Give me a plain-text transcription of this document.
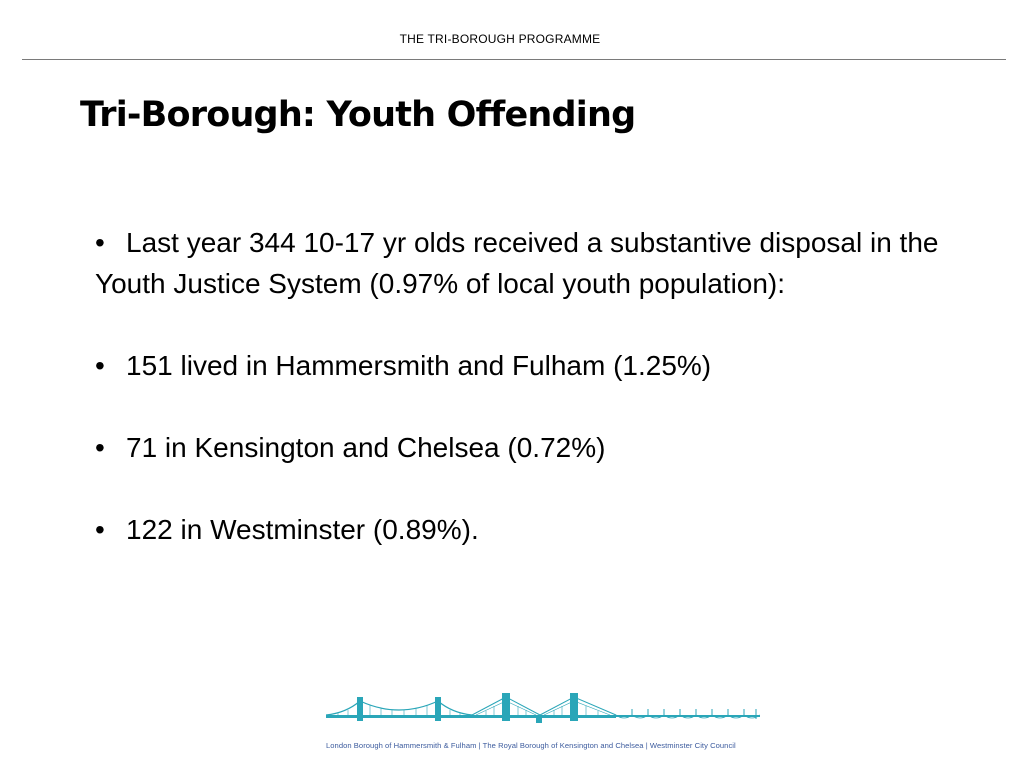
THE TRI-BOROUGH PROGRAMME
Tri-Borough: Youth Offending

• Last year 344 10-17 yr olds received a substantive disposal in the Youth Justice System (0.97% of local youth population):

• 151 lived in Hammersmith and Fulham (1.25%)

• 71 in Kensington and Chelsea (0.72%)

• 122 in Westminster (0.89%).

London Borough of Hammersmith & Fulham | The Royal Borough of Kensington and Chelsea | Westminster City Council
